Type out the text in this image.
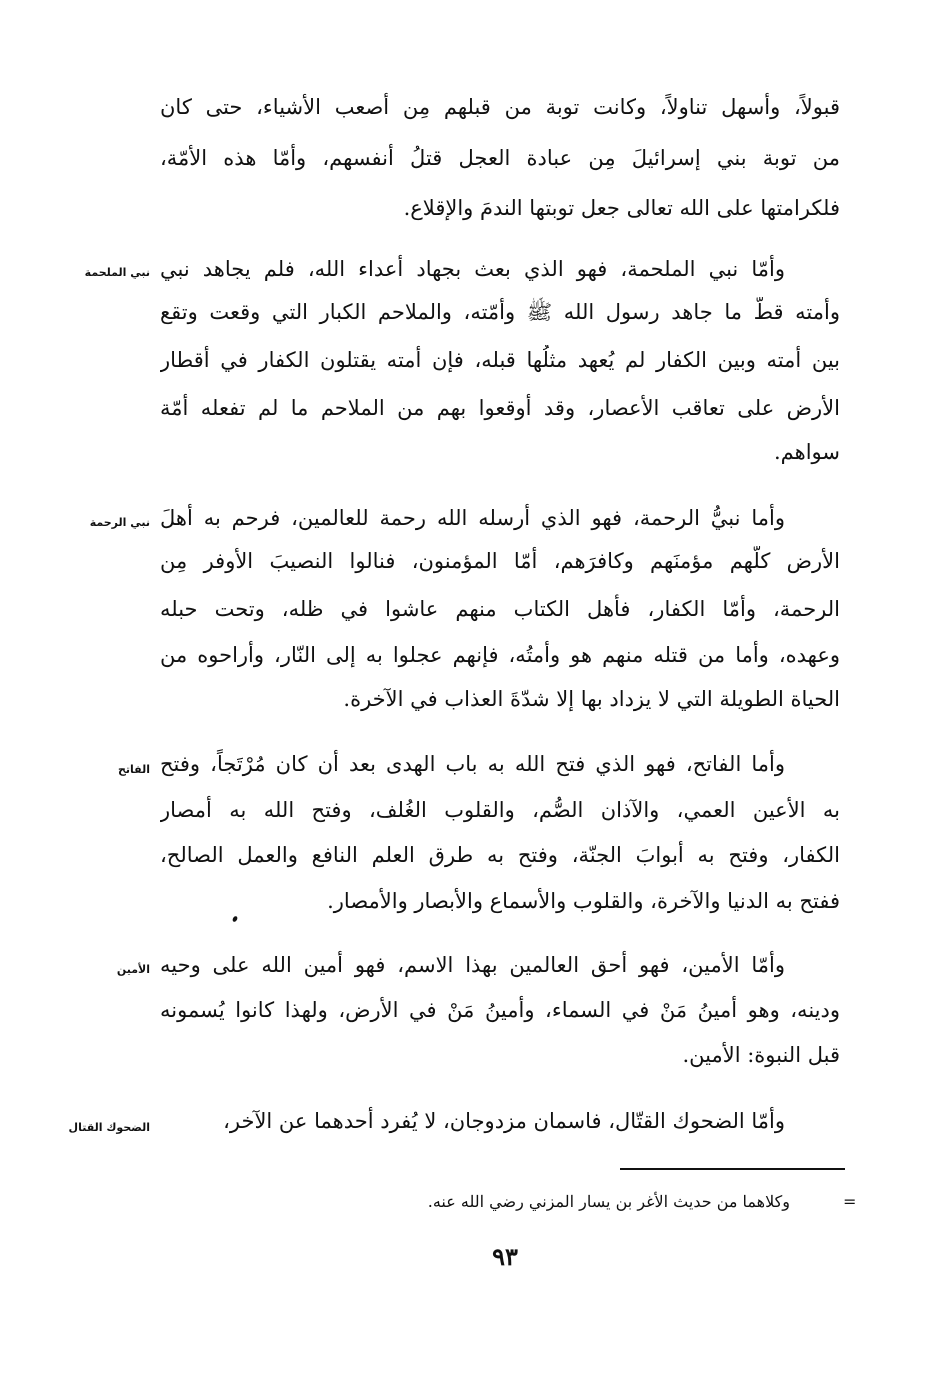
قبولاً، وأسهل تناولاً، وكانت توبة من قبلهم مِن أصعب الأشياء، حتى كان
من توبة بني إسرائيلَ مِن عبادة العجل قتلُ أنفسهم، وأمّا هذه الأمّة،
فلكرامتها على الله تعالى جعل توبتها الندمَ والإقلاع.
نبي الملحمة وأمّا نبي الملحمة، فهو الذي بعث بجهاد أعداء الله، فلم يجاهد نبي
وأمته قطُّ ما جاهد رسول الله ﷺ وأمّته، والملاحم الكبار التي وقعت وتقع
بين أمته وبين الكفار لم يُعهد مثلُها قبله، فإن أمته يقتلون الكفار في أقطار
الأرض على تعاقب الأعصار، وقد أوقعوا بهم من الملاحم ما لم تفعله أمّة
سواهم.
نبي الرحمة وأما نبيُّ الرحمة، فهو الذي أرسله الله رحمة للعالمين، فرحم به أهلَ
الأرض كلّهم مؤمنَهم وكافرَهم، أمّا المؤمنون، فنالوا النصيبَ الأوفر مِن
الرحمة، وأمّا الكفار، فأهل الكتاب منهم عاشوا في ظله، وتحت حبله
وعهده، وأما من قتله منهم هو وأمتُه، فإنهم عجلوا به إلى النّار، وأراحوه من
الحياة الطويلة التي لا يزداد بها إلا شدّةَ العذاب في الآخرة.
الفاتح وأما الفاتح، فهو الذي فتح الله به باب الهدى بعد أن كان مُرْتَجاً، وفتح
به الأعين العمي، والآذان الصُّم، والقلوب الغُلف، وفتح الله به أمصار
الكفار، وفتح به أبوابَ الجنّة، وفتح به طرق العلم النافع والعمل الصالح،
ففتح به الدنيا والآخرة، والقلوب والأسماع والأبصار والأمصار.
الأمين وأمّا الأمين، فهو أحق العالمين بهذا الاسم، فهو أمين الله على وحيه
ودينه، وهو أمينُ مَنْ في السماء، وأمينُ مَنْ في الأرض، ولهذا كانوا يُسمونه
قبل النبوة: الأمين.
الضحوك القتال	وأمّا الضحوك القتّال، فاسمان مزدوجان، لا يُفرد أحدهما عن الآخر،
=
وكلاهما من حديث الأغر بن يسار المزني رضي الله عنه.
٩٣
